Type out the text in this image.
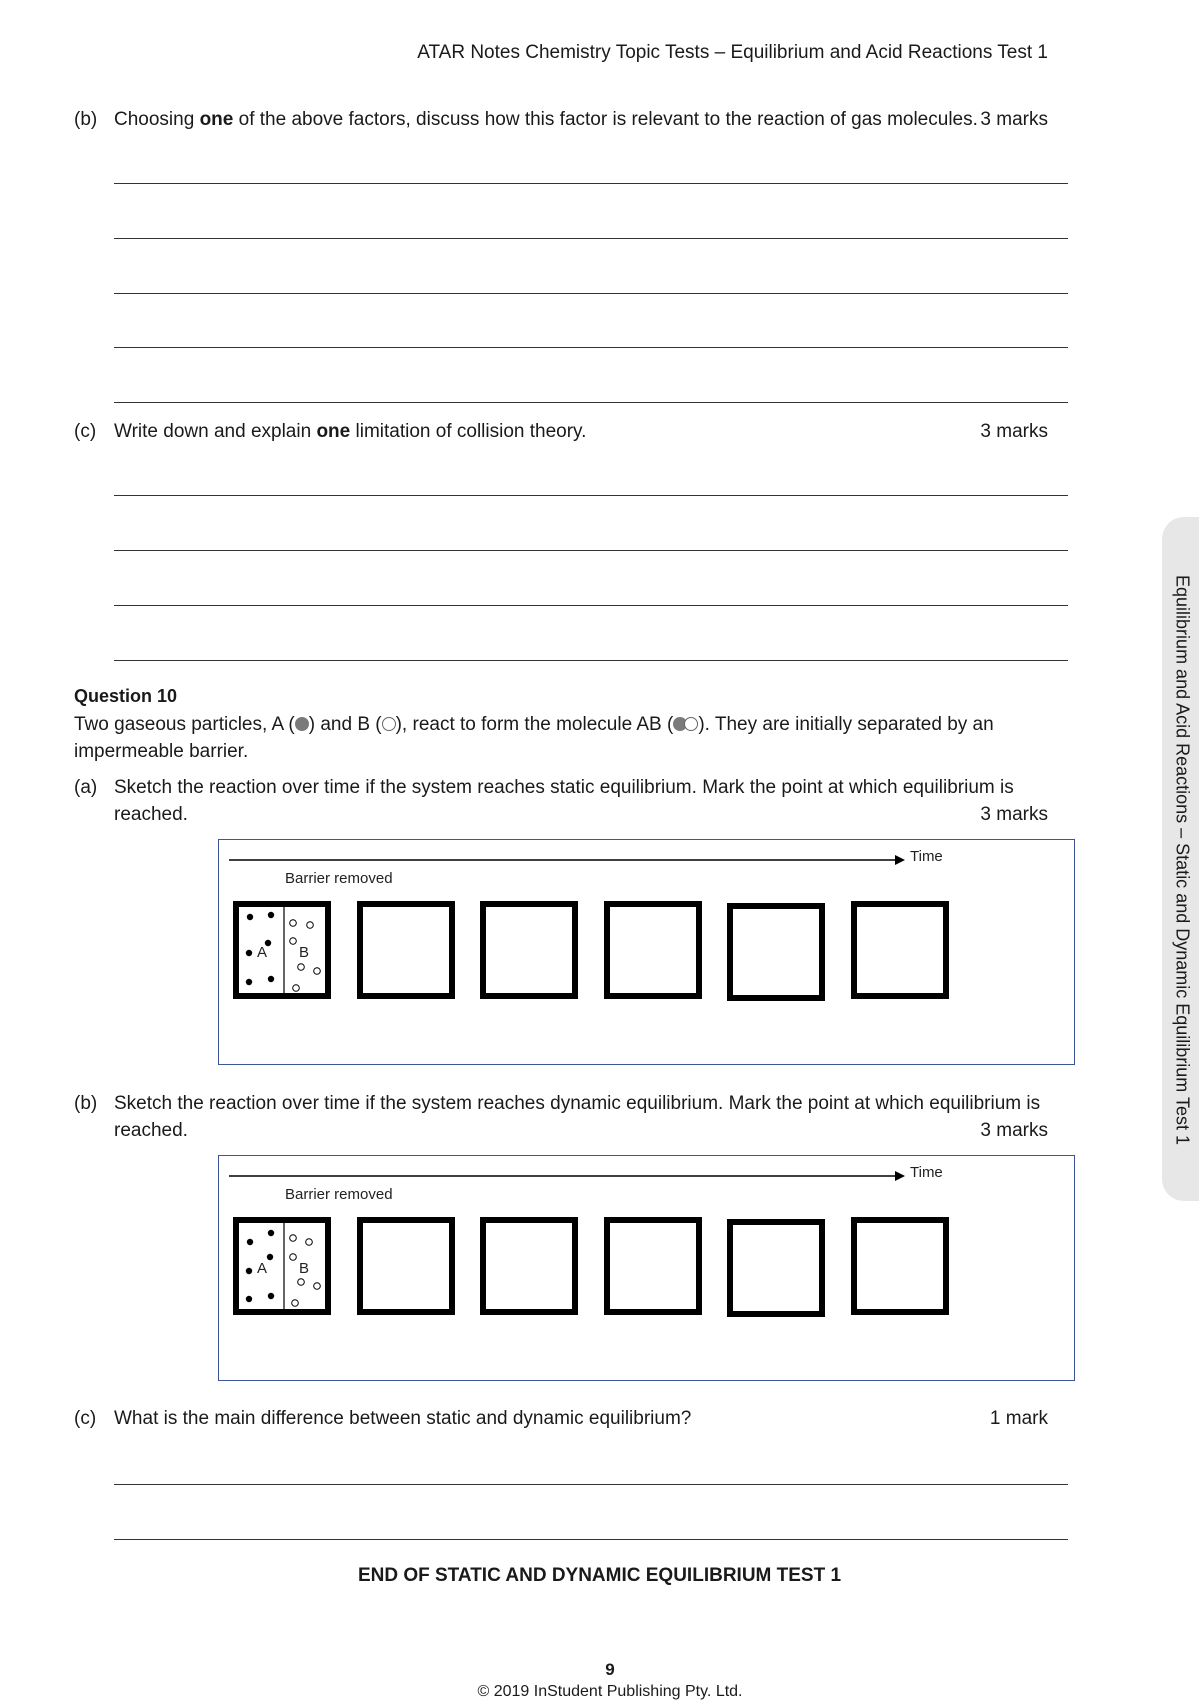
ATAR Notes Chemistry Topic Tests – Equilibrium and Acid Reactions Test 1
Equilibrium and Acid Reactions – Static and Dynamic Equilibrium Test 1
(b) Choosing one of the above factors, discuss how this factor is relevant to the reaction of gas molecules. 3 marks
(c) Write down and explain one limitation of collision theory.	3 marks
Question 10
Two gaseous particles, A ( ) and B ( ), react to form the molecule AB ( ). They are initially separated by an impermeable barrier.
(a) Sketch the reaction over time if the system reaches static equilibrium. Mark the point at which equilibrium is reached.	3 marks
Time
Barrier removed
A B
(b) Sketch the reaction over time if the system reaches dynamic equilibrium. Mark the point at which equilibrium is reached.	3 marks
Time
Barrier removed
A B
(c) What is the main difference between static and dynamic equilibrium?	1 mark
END OF STATIC AND DYNAMIC EQUILIBRIUM TEST 1
9
© 2019 InStudent Publishing Pty. Ltd.
